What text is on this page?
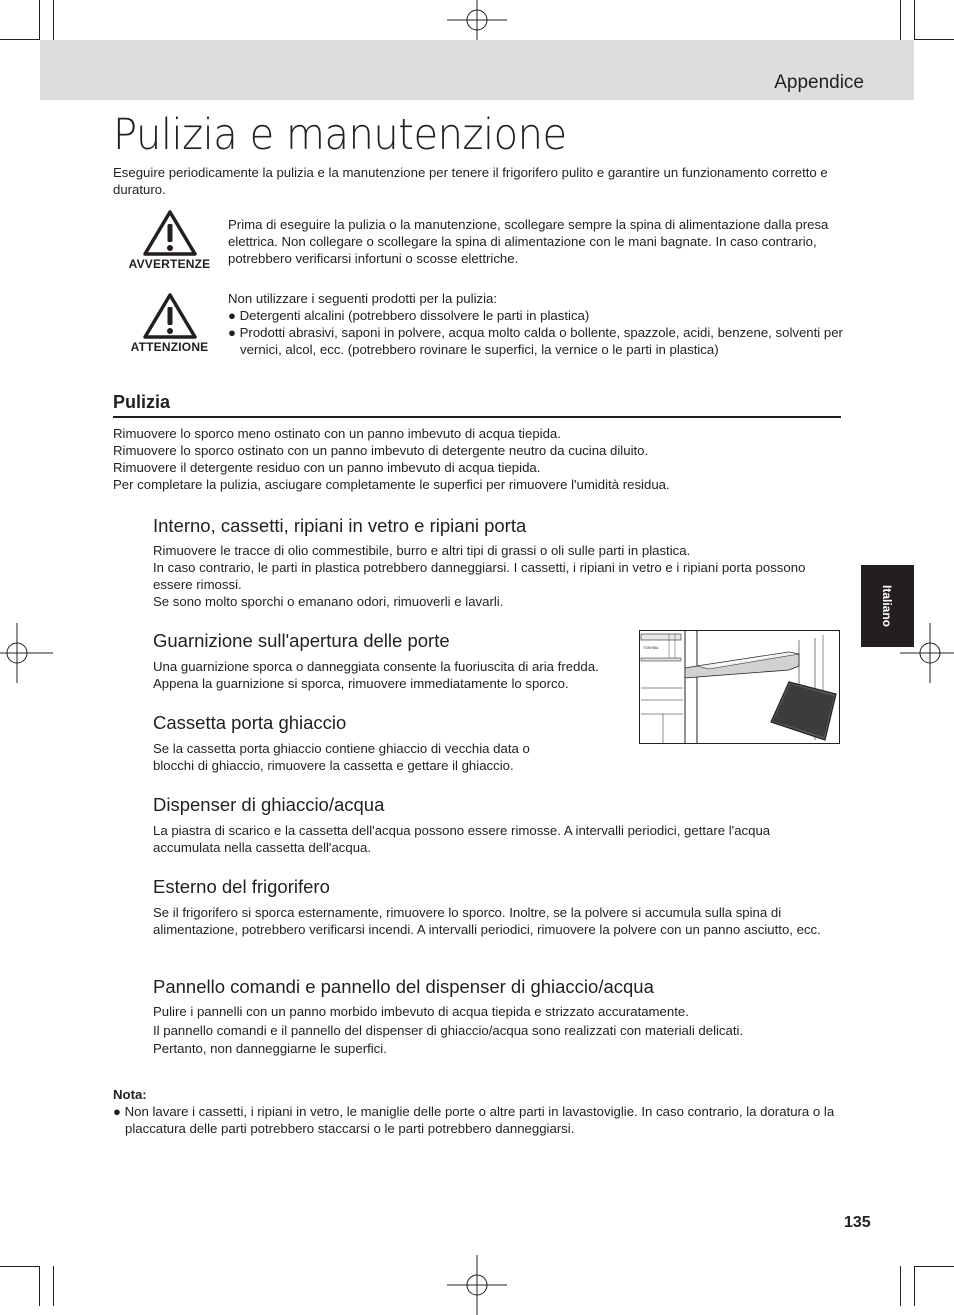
Appendice
Pulizia e manutenzione

Eseguire periodicamente la pulizia e la manutenzione per tenere il frigorifero pulito e garantire un funzionamento corretto e duraturo.

AVVERTENZE

Prima di eseguire la pulizia o la manutenzione, scollegare sempre la spina di alimentazione dalla presa elettrica. Non collegare o scollegare la spina di alimentazione con le mani bagnate. In caso contrario, potrebbero verificarsi infortuni o scosse elettriche.

ATTENZIONE

Non utilizzare i seguenti prodotti per la pulizia:

● Detergenti alcalini (potrebbero dissolvere le parti in plastica)

● Prodotti abrasivi, saponi in polvere, acqua molto calda o bollente, spazzole, acidi, benzene, solventi per vernici, alcol, ecc. (potrebbero rovinare le superfici, la vernice o le parti in plastica)

Pulizia

Rimuovere lo sporco meno ostinato con un panno imbevuto di acqua tiepida.

Rimuovere lo sporco ostinato con un panno imbevuto di detergente neutro da cucina diluito.

Rimuovere il detergente residuo con un panno imbevuto di acqua tiepida.

Per completare la pulizia, asciugare completamente le superfici per rimuovere l'umidità residua.

Interno, cassetti, ripiani in vetro e ripiani porta

Rimuovere le tracce di olio commestibile, burro e altri tipi di grassi o oli sulle parti in plastica.

In caso contrario, le parti in plastica potrebbero danneggiarsi. I cassetti, i ripiani in vetro e i ripiani porta possono essere rimossi.

Se sono molto sporchi o emanano odori, rimuoverli e lavarli.

Guarnizione sull'apertura delle porte

Una guarnizione sporca o danneggiata consente la fuoriuscita di aria fredda.

Appena la guarnizione si sporca, rimuovere immediatamente lo sporco.

TOSHIBA
Cassetta porta ghiaccio

Se la cassetta porta ghiaccio contiene ghiaccio di vecchia data o

blocchi di ghiaccio, rimuovere la cassetta e gettare il ghiaccio.

Dispenser di ghiaccio/acqua

La piastra di scarico e la cassetta dell'acqua possono essere rimosse. A intervalli periodici, gettare l'acqua accumulata nella cassetta dell'acqua.

Esterno del frigorifero

Se il frigorifero si sporca esternamente, rimuovere lo sporco. Inoltre, se la polvere si accumula sulla spina di alimentazione, potrebbero verificarsi incendi. A intervalli periodici, rimuovere la polvere con un panno asciutto, ecc.

Pannello comandi e pannello del dispenser di ghiaccio/acqua

Pulire i pannelli con un panno morbido imbevuto di acqua tiepida e strizzato accuratamente.

Il pannello comandi e il pannello del dispenser di ghiaccio/acqua sono realizzati con materiali delicati.

Pertanto, non danneggiarne le superfici.

Italiano
Nota:
● Non lavare i cassetti, i ripiani in vetro, le maniglie delle porte o altre parti in lavastoviglie. In caso contrario, la doratura o la placcatura delle parti potrebbero staccarsi o le parti potrebbero danneggiarsi.
135
